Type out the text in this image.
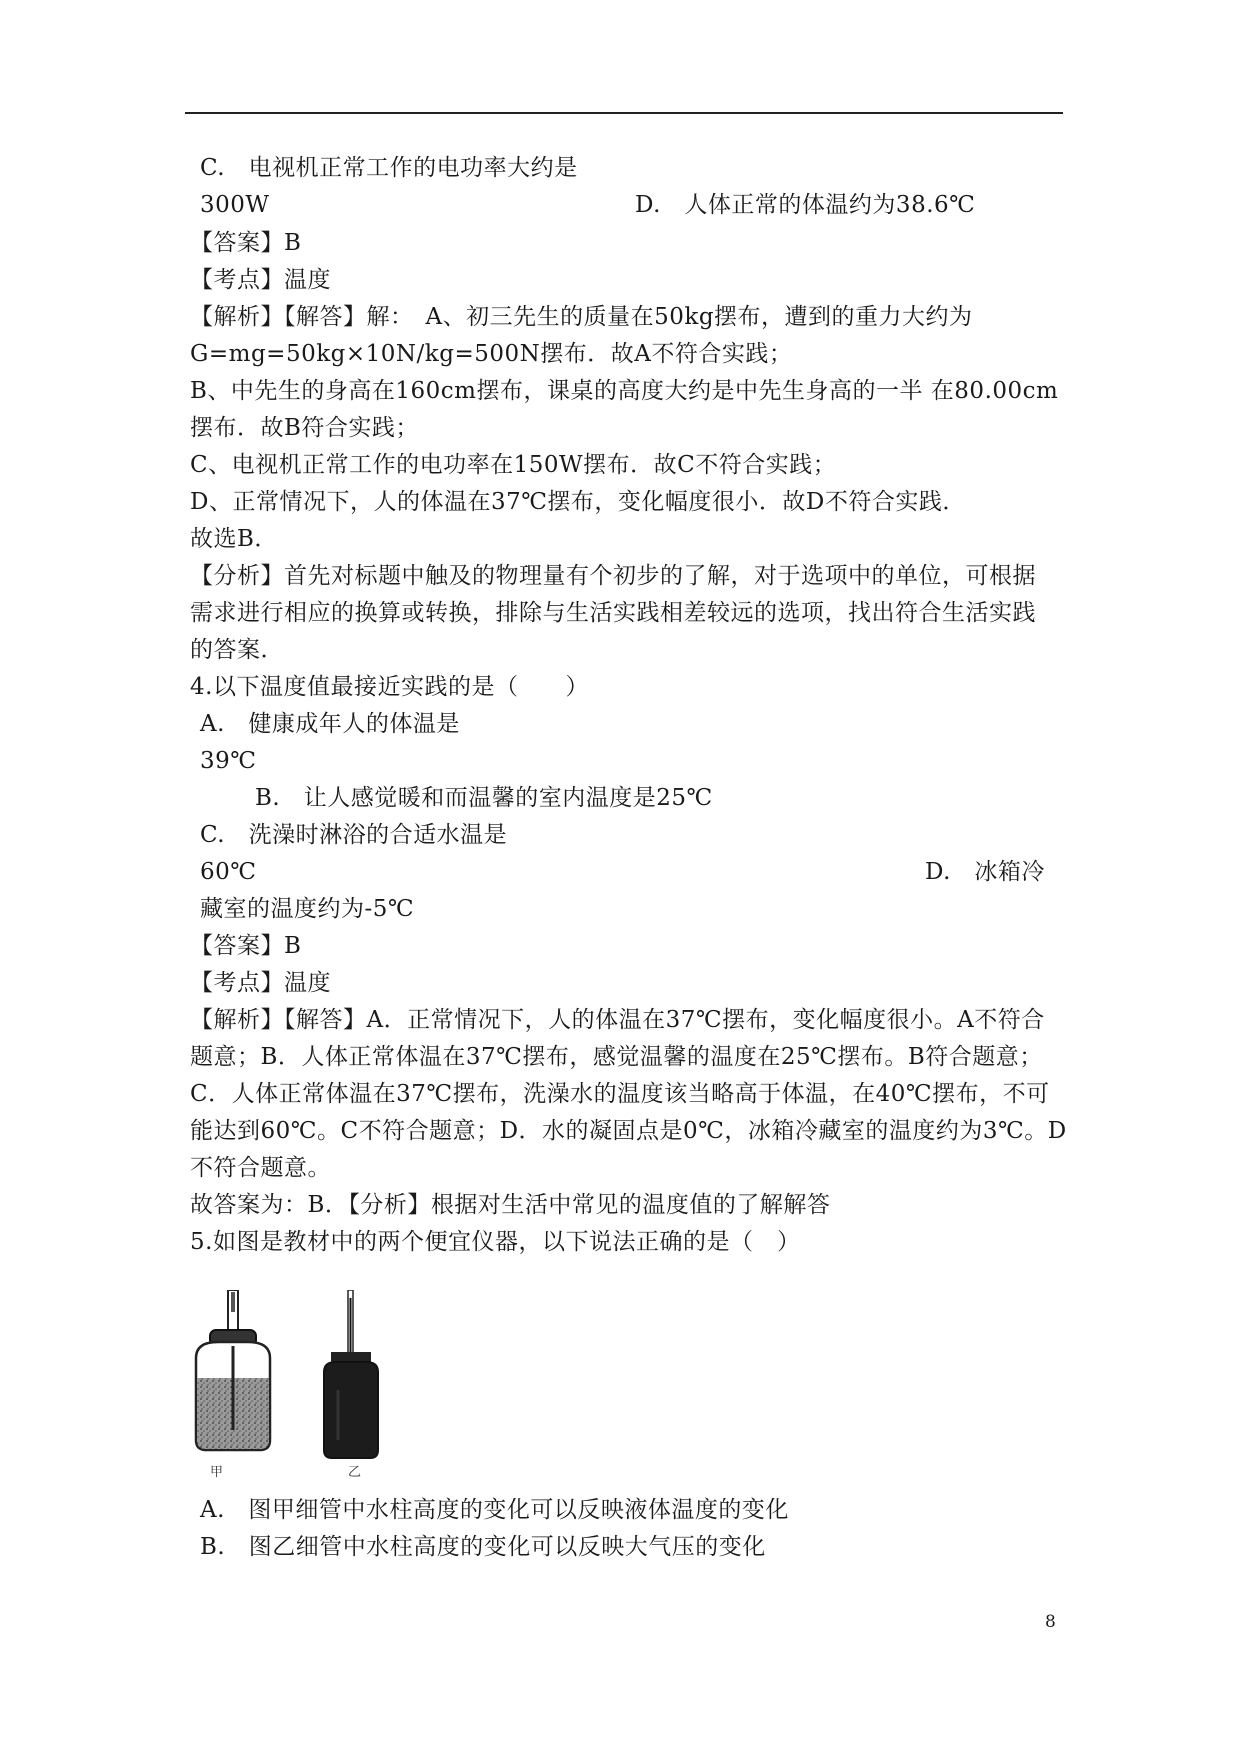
C.　电视机正常工作的电功率大约是
300W	D.　人体正常的体温约为38.6℃
【答案】B
【考点】温度
【解析】【解答】解：　A、初三先生的质量在50kg摆布，遭到的重力大约为
G=mg=50kg×10N/kg=500N摆布．故A不符合实践；
B、中先生的身高在160cm摆布，课桌的高度大约是中先生身高的一半 在80.00cm
摆布．故B符合实践；
C、电视机正常工作的电功率在150W摆布．故C不符合实践；
D、正常情况下，人的体温在37℃摆布，变化幅度很小．故D不符合实践．
故选B．
【分析】首先对标题中触及的物理量有个初步的了解，对于选项中的单位，可根据
需求进行相应的换算或转换，排除与生活实践相差较远的选项，找出符合生活实践
的答案．
4.以下温度值最接近实践的是（　　）
A.　健康成年人的体温是
39℃
B.　让人感觉暖和而温馨的室内温度是25℃
C.　洗澡时淋浴的合适水温是
60℃	D.　冰箱冷
藏室的温度约为-5℃
【答案】B
【考点】温度
【解析】【解答】A．正常情况下，人的体温在37℃摆布，变化幅度很小。A不符合
题意；B．人体正常体温在37℃摆布，感觉温馨的温度在25℃摆布。B符合题意；
C．人体正常体温在37℃摆布，洗澡水的温度该当略高于体温，在40℃摆布，不可
能达到60℃。C不符合题意；D．水的凝固点是0℃，冰箱冷藏室的温度约为3℃。D
不符合题意。
故答案为：B．【分析】根据对生活中常见的温度值的了解解答
5.如图是教材中的两个便宜仪器，以下说法正确的是（　）
甲	乙
A.　图甲细管中水柱高度的变化可以反映液体温度的变化
B.　图乙细管中水柱高度的变化可以反映大气压的变化
8
